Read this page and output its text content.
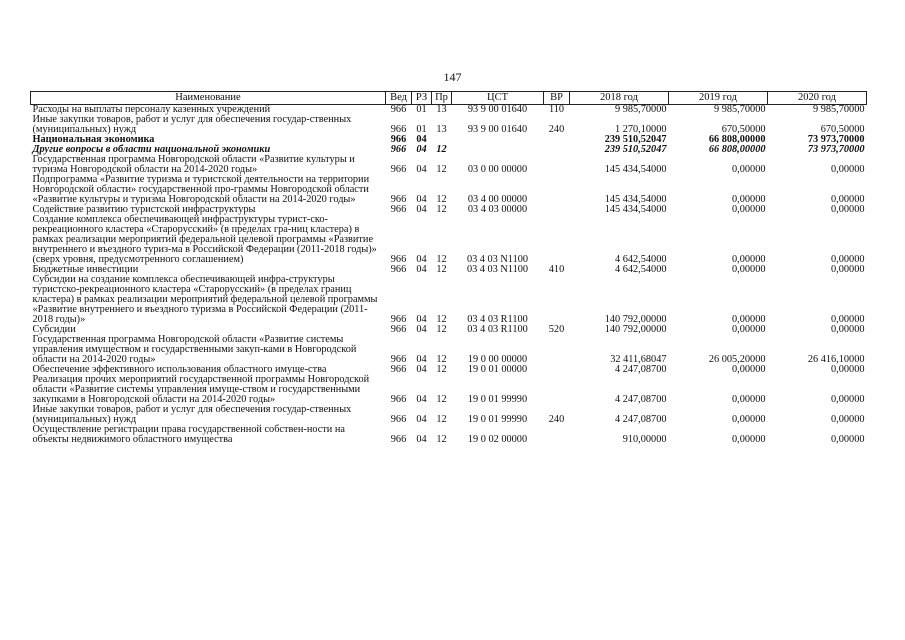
147
Наименование	Вед	РЗ	Пр	ЦСТ	ВР	2018 год	2019 год	2020 год
Расходы на выплаты персоналу казенных учреждений	966	01	13	93 9 00 01640	110	9 985,70000	9 985,70000	9 985,70000
Иные закупки товаров, работ и услуг для обеспечения государ-ственных (муниципальных) нужд	966	01	13	93 9 00 01640	240	1 270,10000	670,50000	670,50000
Национальная экономика	966	04				239 510,52047	66 808,00000	73 973,70000
Другие вопросы в области национальной экономики	966	04	12			239 510,52047	66 808,00000	73 973,70000
Государственная программа Новгородской области «Развитие культуры и туризма Новгородской области на 2014-2020 годы»	966	04	12	03 0 00 00000		145 434,54000	0,00000	0,00000
Подпрограмма «Развитие туризма и туристской деятельности на территории Новгородской области» государственной про-граммы Новгородской области «Развитие культуры и туризма Новгородской области на 2014-2020 годы»	966	04	12	03 4 00 00000		145 434,54000	0,00000	0,00000
Содействие развитию туристской инфраструктуры	966	04	12	03 4 03 00000		145 434,54000	0,00000	0,00000
Создание комплекса обеспечивающей инфраструктуры турист-ско-рекреационного кластера «Старорусский» (в пределах гра-ниц кластера) в рамках реализации мероприятий федеральной целевой программы «Развитие внутреннего и въездного туриз-ма в Российской Федерации (2011-2018 годы)» (сверх уровня, предусмотренного соглашением)	966	04	12	03 4 03 N1100		4 642,54000	0,00000	0,00000
Бюджетные инвестиции	966	04	12	03 4 03 N1100	410	4 642,54000	0,00000	0,00000
Субсидии на создание комплекса обеспечивающей инфра-структуры туристско-рекреационного кластера «Старорусский» (в пределах границ кластера) в рамках реализации мероприятий федеральной целевой программы «Развитие внутреннего и въездного туризма в Российской Федерации (2011-2018 годы)»	966	04	12	03 4 03 R1100		140 792,00000	0,00000	0,00000
Субсидии	966	04	12	03 4 03 R1100	520	140 792,00000	0,00000	0,00000
Государственная программа Новгородской области «Развитие системы управления имуществом и государственными закуп-ками в Новгородской области на 2014-2020 годы»	966	04	12	19 0 00 00000		32 411,68047	26 005,20000	26 416,10000
Обеспечение эффективного использования областного имуще-ства	966	04	12	19 0 01 00000		4 247,08700	0,00000	0,00000
Реализация прочих мероприятий государственной программы Новгородской области «Развитие системы управления имуще-ством и государственными закупками в Новгородской области на 2014-2020 годы»	966	04	12	19 0 01 99990		4 247,08700	0,00000	0,00000
Иные закупки товаров, работ и услуг для обеспечения государ-ственных (муниципальных) нужд	966	04	12	19 0 01 99990	240	4 247,08700	0,00000	0,00000
Осуществление регистрации права государственной собствен-ности на объекты недвижимого областного имущества	966	04	12	19 0 02 00000		910,00000	0,00000	0,00000
